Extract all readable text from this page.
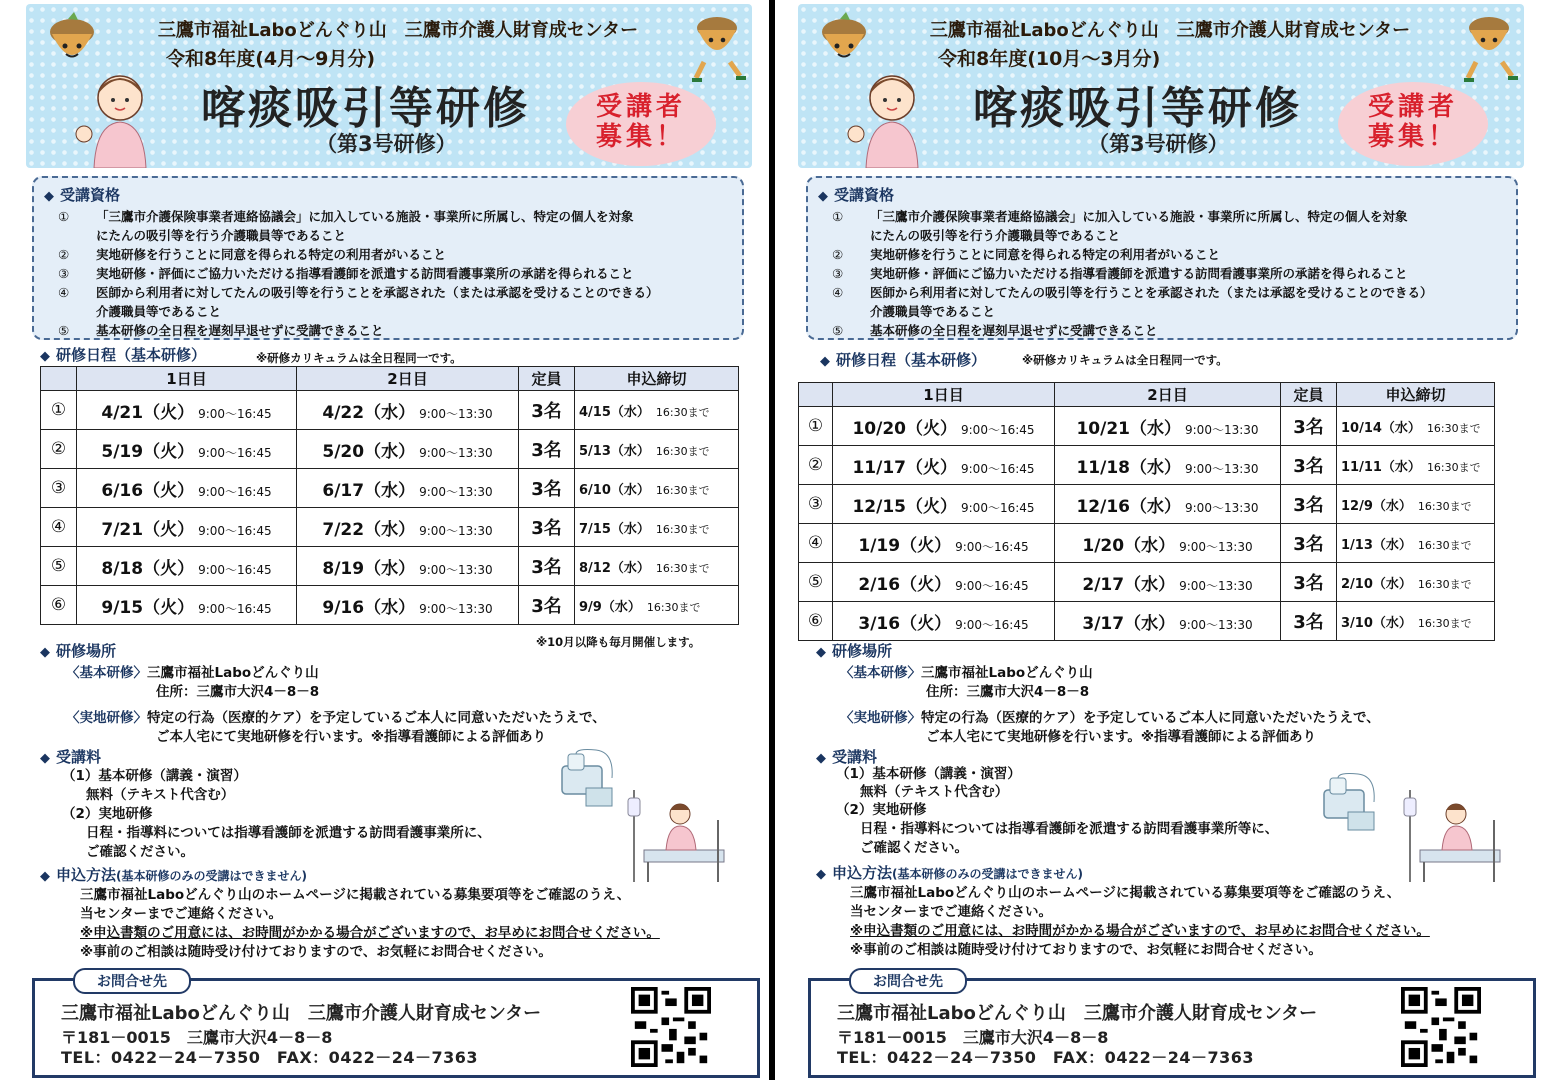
三鷹市福祉Laboどんぐり山　三鷹市介護人財育成センター
令和8年度(4月～9月分)
喀痰吸引等研修
（第3号研修）
受講者
募集！
◆ 受講資格
① 「三鷹市介護保険事業者連絡協議会」に加入している施設・事業所に所属し、特定の個人を対象
にたんの吸引等を行う介護職員等であること
② 実地研修を行うことに同意を得られる特定の利用者がいること
③ 実地研修・評価にご協力いただける指導看護師を派遣する訪問看護事業所の承諾を得られること
④ 医師から利用者に対してたんの吸引等を行うことを承認された（または承認を受けることのできる）
介護職員等であること
⑤ 基本研修の全日程を遅刻早退せずに受講できること
◆ 研修日程（基本研修）	※研修カリキュラムは全日程同一です。
	1日目	2日目	定員	申込締切
①	4/21（火） 9:00～16:45	4/22（水） 9:00～13:30	3名	4/15（水） 16:30まで
②	5/19（火） 9:00～16:45	5/20（水） 9:00～13:30	3名	5/13（水） 16:30まで
③	6/16（火） 9:00～16:45	6/17（水） 9:00～13:30	3名	6/10（水） 16:30まで
④	7/21（火） 9:00～16:45	7/22（水） 9:00～13:30	3名	7/15（水） 16:30まで
⑤	8/18（火） 9:00～16:45	8/19（水） 9:00～13:30	3名	8/12（水） 16:30まで
⑥	9/15（火） 9:00～16:45	9/16（水） 9:00～13:30	3名	9/9（水） 16:30まで
※10月以降も毎月開催します。
◆ 研修場所
〈基本研修〉三鷹市福祉Laboどんぐり山
住所：三鷹市大沢4－8－8
〈実地研修〉特定の行為（医療的ケア）を予定しているご本人に同意いただいたうえで、
ご本人宅にて実地研修を行います。※指導看護師による評価あり
◆ 受講料
（1）基本研修（講義・演習）
無料（テキスト代含む）
（2）実地研修
日程・指導料については指導看護師を派遣する訪問看護事業所に、
ご確認ください。
◆ 申込方法(基本研修のみの受講はできません)
三鷹市福祉Laboどんぐり山のホームページに掲載されている募集要項等をご確認のうえ、
当センターまでご連絡ください。
※申込書類のご用意には、お時間がかかる場合がございますので、お早めにお問合せください。
※事前のご相談は随時受け付けておりますので、お気軽にお問合せください。
お問合せ先
三鷹市福祉Laboどんぐり山　三鷹市介護人財育成センター
〒181－0015　三鷹市大沢4－8－8
TEL：0422－24－7350　FAX：0422－24－7363
三鷹市福祉Laboどんぐり山　三鷹市介護人財育成センター
令和8年度(10月～3月分)
喀痰吸引等研修
（第3号研修）
受講者
募集！
◆ 受講資格
① 「三鷹市介護保険事業者連絡協議会」に加入している施設・事業所に所属し、特定の個人を対象
にたんの吸引等を行う介護職員等であること
② 実地研修を行うことに同意を得られる特定の利用者がいること
③ 実地研修・評価にご協力いただける指導看護師を派遣する訪問看護事業所の承諾を得られること
④ 医師から利用者に対してたんの吸引等を行うことを承認された（または承認を受けることのできる）
介護職員等であること
⑤ 基本研修の全日程を遅刻早退せずに受講できること
◆ 研修日程（基本研修）	※研修カリキュラムは全日程同一です。
	1日目	2日目	定員	申込締切
①	10/20（火） 9:00～16:45	10/21（水） 9:00～13:30	3名	10/14（水） 16:30まで
②	11/17（火） 9:00～16:45	11/18（水） 9:00～13:30	3名	11/11（水） 16:30まで
③	12/15（火） 9:00～16:45	12/16（水） 9:00～13:30	3名	12/9（水） 16:30まで
④	1/19（火） 9:00～16:45	1/20（水） 9:00～13:30	3名	1/13（水） 16:30まで
⑤	2/16（火） 9:00～16:45	2/17（水） 9:00～13:30	3名	2/10（水） 16:30まで
⑥	3/16（火） 9:00～16:45	3/17（水） 9:00～13:30	3名	3/10（水） 16:30まで
◆ 研修場所
〈基本研修〉三鷹市福祉Laboどんぐり山
住所：三鷹市大沢4－8－8
〈実地研修〉特定の行為（医療的ケア）を予定しているご本人に同意いただいたうえで、
ご本人宅にて実地研修を行います。※指導看護師による評価あり
◆ 受講料
（1）基本研修（講義・演習）
無料（テキスト代含む）
（2）実地研修
日程・指導料については指導看護師を派遣する訪問看護事業所等に、
ご確認ください。
◆ 申込方法(基本研修のみの受講はできません)
三鷹市福祉Laboどんぐり山のホームページに掲載されている募集要項等をご確認のうえ、
当センターまでご連絡ください。
※申込書類のご用意には、お時間がかかる場合がございますので、お早めにお問合せください。
※事前のご相談は随時受け付けておりますので、お気軽にお問合せください。
お問合せ先
三鷹市福祉Laboどんぐり山　三鷹市介護人財育成センター
〒181－0015　三鷹市大沢4－8－8
TEL：0422－24－7350　FAX：0422－24－7363
